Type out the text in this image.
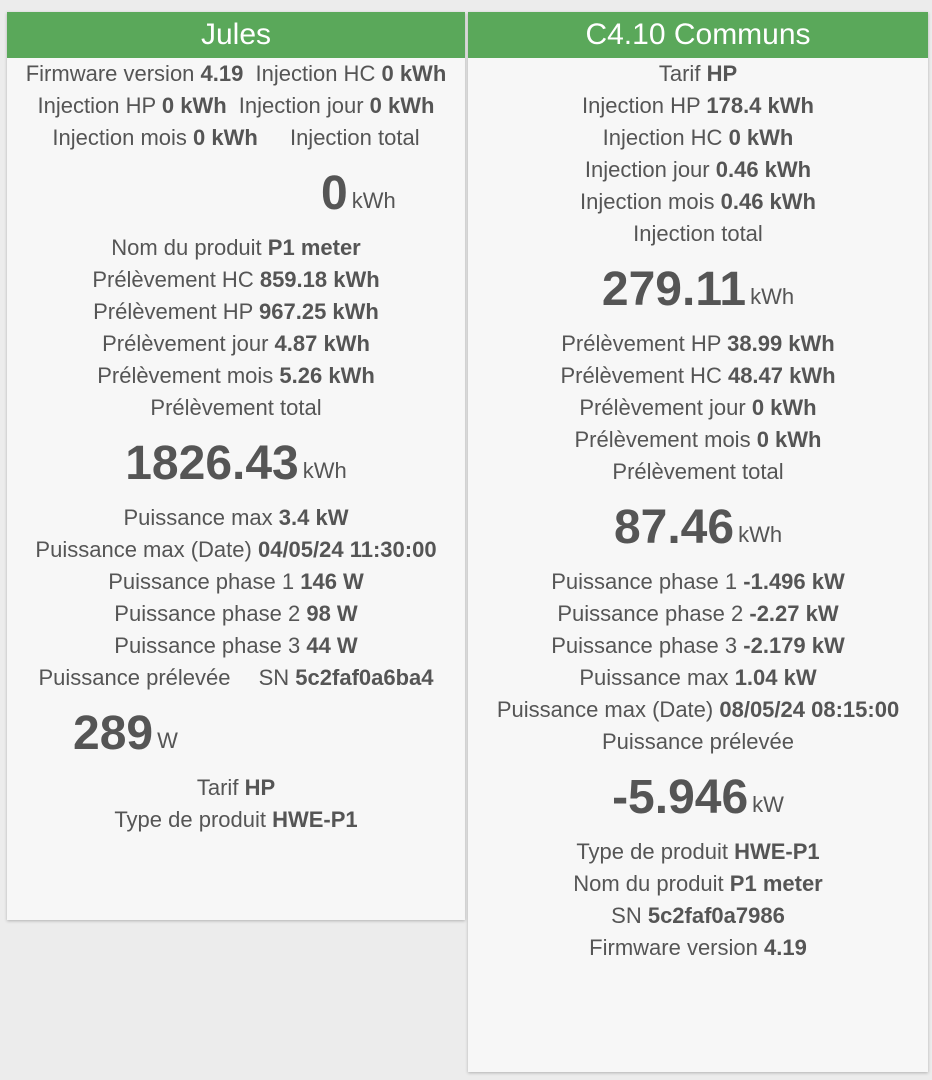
Jules
Firmware version 4.19 Injection HC 0 kWh
Injection HP 0 kWh Injection jour 0 kWh
Injection mois 0 kWh Injection total
0 kWh
Nom du produit P1 meter
Prélèvement HC 859.18 kWh
Prélèvement HP 967.25 kWh
Prélèvement jour 4.87 kWh
Prélèvement mois 5.26 kWh
Prélèvement total
1826.43 kWh
Puissance max 3.4 kW
Puissance max (Date) 04/05/24 11:30:00
Puissance phase 1 146 W
Puissance phase 2 98 W
Puissance phase 3 44 W
Puissance prélevée SN 5c2faf0a6ba4
289 W
Tarif HP
Type de produit HWE-P1
C4.10 Communs
Tarif HP
Injection HP 178.4 kWh
Injection HC 0 kWh
Injection jour 0.46 kWh
Injection mois 0.46 kWh
Injection total
279.11 kWh
Prélèvement HP 38.99 kWh
Prélèvement HC 48.47 kWh
Prélèvement jour 0 kWh
Prélèvement mois 0 kWh
Prélèvement total
87.46 kWh
Puissance phase 1 -1.496 kW
Puissance phase 2 -2.27 kW
Puissance phase 3 -2.179 kW
Puissance max 1.04 kW
Puissance max (Date) 08/05/24 08:15:00
Puissance prélevée
-5.946 kW
Type de produit HWE-P1
Nom du produit P1 meter
SN 5c2faf0a7986
Firmware version 4.19
